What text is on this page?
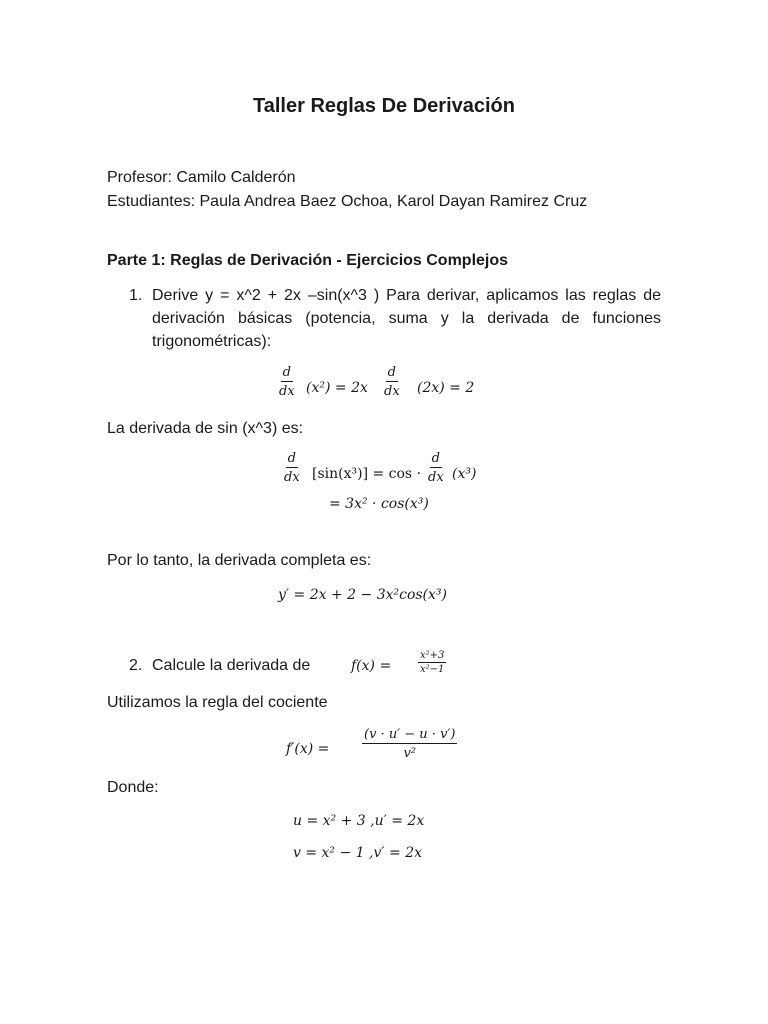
Taller Reglas De Derivación
Profesor: Camilo Calderón
Estudiantes: Paula Andrea Baez Ochoa, Karol Dayan Ramirez Cruz
Parte 1: Reglas de Derivación - Ejercicios Complejos
1. Derive y = x^2 + 2x –sin(x^3 ) Para derivar, aplicamos las reglas de derivación básicas (potencia, suma y la derivada de funciones trigonométricas):
$\frac{d}{dx} (x^2) = 2x \frac{d}{dx} (2x) = 2$
La derivada de sin (x^3) es:
$\frac{d}{dx} [\sin(x^3)] = \cos \cdot \frac{d}{dx} (x^3)$
= 3x² · cos(x³)
Por lo tanto, la derivada completa es:
y′ = 2x + 2 − 3x²cos(x³)
2. Calcule la derivada de	f(x) =	$\frac{\text{x²+3}}{\text{x²−1}}$
Utilizamos la regla del cociente
f′(x) =	$\frac{(v \cdot u' - u \cdot v')}{\text{v²}}$
Donde:
u = x² + 3 ,u′ = 2x
v = x² − 1 ,v′ = 2x
